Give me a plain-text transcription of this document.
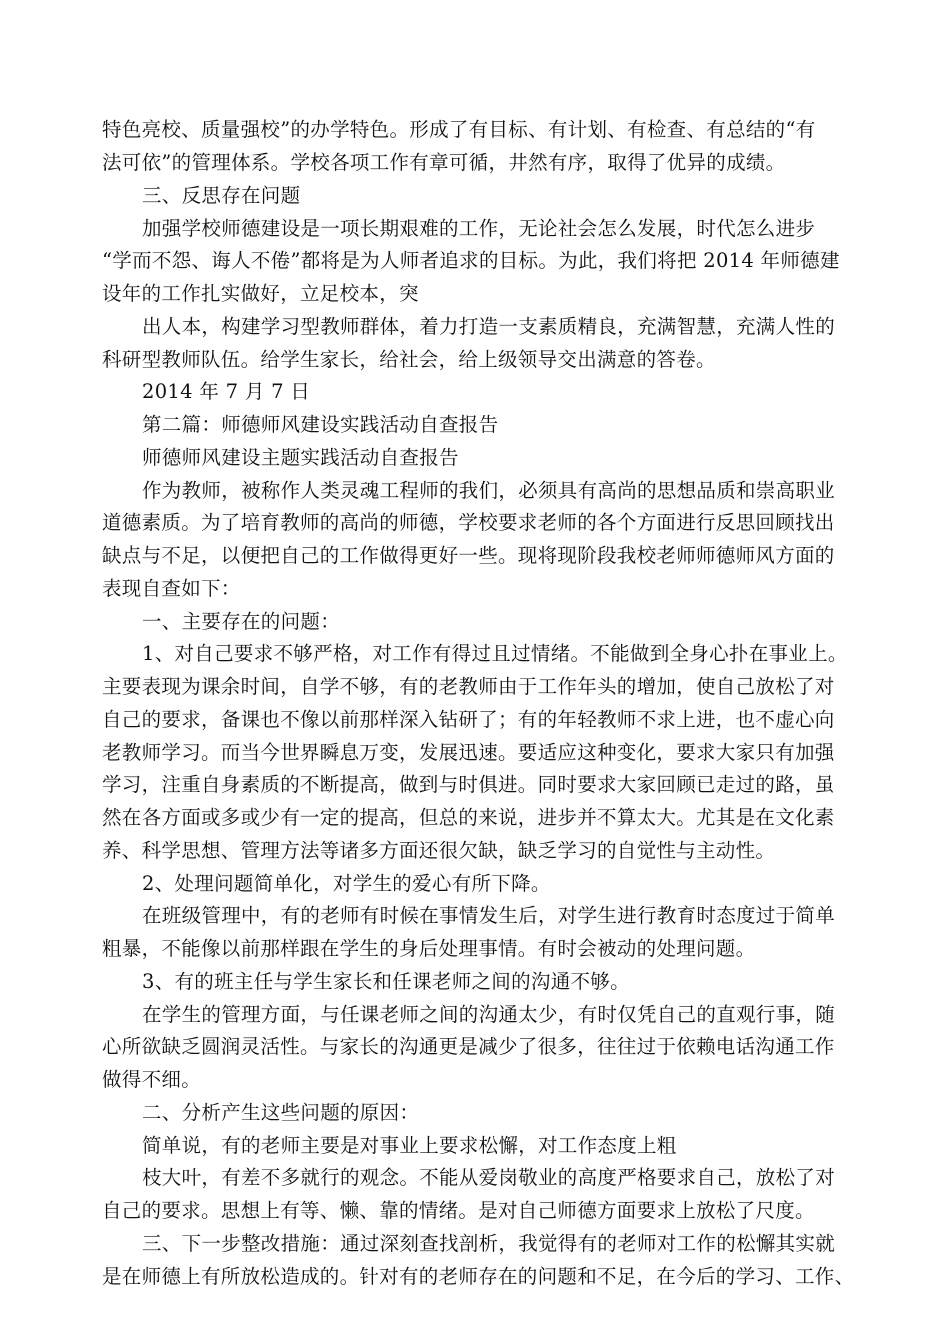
特色亮校、质量强校”的办学特色。形成了有目标、有计划、有检查、有总结的“有
法可依”的管理体系。学校各项工作有章可循，井然有序，取得了优异的成绩。
三、反思存在问题
加强学校师德建设是一项长期艰难的工作，无论社会怎么发展，时代怎么进步
“学而不怨、诲人不倦”都将是为人师者追求的目标。为此，我们将把 2014 年师德建
设年的工作扎实做好，立足校本，突
出人本，构建学习型教师群体，着力打造一支素质精良，充满智慧，充满人性的
科研型教师队伍。给学生家长，给社会，给上级领导交出满意的答卷。
2014 年 7 月 7 日
第二篇：师德师风建设实践活动自查报告
师德师风建设主题实践活动自查报告
作为教师，被称作人类灵魂工程师的我们，必须具有高尚的思想品质和崇高职业
道德素质。为了培育教师的高尚的师德，学校要求老师的各个方面进行反思回顾找出
缺点与不足，以便把自己的工作做得更好一些。现将现阶段我校老师师德师风方面的
表现自查如下：
一、主要存在的问题：
1、对自己要求不够严格，对工作有得过且过情绪。不能做到全身心扑在事业上。
主要表现为课余时间，自学不够，有的老教师由于工作年头的增加，使自己放松了对
自己的要求，备课也不像以前那样深入钻研了；有的年轻教师不求上进，也不虚心向
老教师学习。而当今世界瞬息万变，发展迅速。要适应这种变化，要求大家只有加强
学习，注重自身素质的不断提高，做到与时俱进。同时要求大家回顾已走过的路，虽
然在各方面或多或少有一定的提高，但总的来说，进步并不算太大。尤其是在文化素
养、科学思想、管理方法等诸多方面还很欠缺，缺乏学习的自觉性与主动性。
2、处理问题简单化，对学生的爱心有所下降。
在班级管理中，有的老师有时候在事情发生后，对学生进行教育时态度过于简单
粗暴，不能像以前那样跟在学生的身后处理事情。有时会被动的处理问题。
3、有的班主任与学生家长和任课老师之间的沟通不够。
在学生的管理方面，与任课老师之间的沟通太少，有时仅凭自己的直观行事，随
心所欲缺乏圆润灵活性。与家长的沟通更是减少了很多，往往过于依赖电话沟通工作
做得不细。
二、分析产生这些问题的原因：
简单说，有的老师主要是对事业上要求松懈，对工作态度上粗
枝大叶，有差不多就行的观念。不能从爱岗敬业的高度严格要求自己，放松了对
自己的要求。思想上有等、懒、靠的情绪。是对自己师德方面要求上放松了尺度。
三、下一步整改措施：通过深刻查找剖析，我觉得有的老师对工作的松懈其实就
是在师德上有所放松造成的。针对有的老师存在的问题和不足，在今后的学习、工作、
